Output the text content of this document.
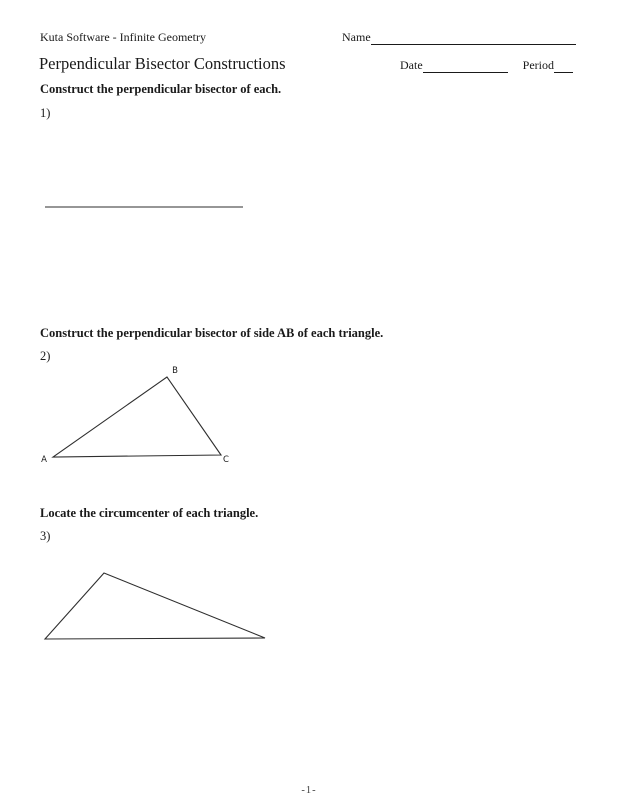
Kuta Software - Infinite Geometry	Name
Perpendicular Bisector Constructions	Date	Period
Construct the perpendicular bisector of each.
1)
Construct the perpendicular bisector of side AB of each triangle.
2)
Locate the circumcenter of each triangle.
3)
A
B
C
-1-
